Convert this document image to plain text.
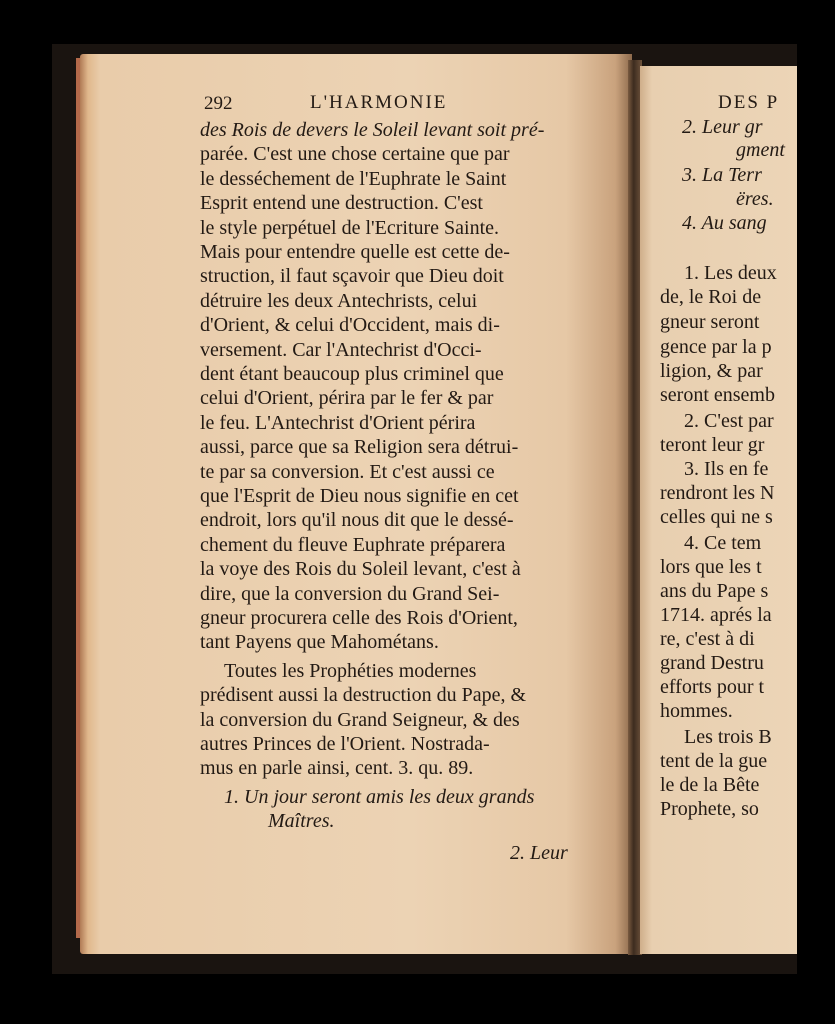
292	L'HARMONIE
des Rois de devers le Soleil levant soit pré-
parée. C'est une chose certaine que par
le desséchement de l'Euphrate le Saint
Esprit entend une destruction. C'est
le style perpétuel de l'Ecriture Sainte.
Mais pour entendre quelle est cette de-
struction, il faut sçavoir que Dieu doit
détruire les deux Antechrists, celui
d'Orient, & celui d'Occident, mais di-
versement. Car l'Antechrist d'Occi-
dent étant beaucoup plus criminel que
celui d'Orient, périra par le fer & par
le feu. L'Antechrist d'Orient périra
aussi, parce que sa Religion sera détrui-
te par sa conversion. Et c'est aussi ce
que l'Esprit de Dieu nous signifie en cet
endroit, lors qu'il nous dit que le dessé-
chement du fleuve Euphrate préparera
la voye des Rois du Soleil levant, c'est à
dire, que la conversion du Grand Sei-
gneur procurera celle des Rois d'Orient,
tant Payens que Mahométans.
Toutes les Prophéties modernes
prédisent aussi la destruction du Pape, &
la conversion du Grand Seigneur, & des
autres Princes de l'Orient. Nostrada-
mus en parle ainsi, cent. 3. qu. 89.
1. Un jour seront amis les deux grands
Maîtres.
2. Leur
DES P
2. Leur gr
gment
3. La Terr
ëres.
4. Au sang
1. Les deux
de, le Roi de
gneur seront
gence par la p
ligion, & par
seront ensemb
2. C'est par
teront leur gr
3. Ils en fe
rendront les N
celles qui ne s
4. Ce tem
lors que les t
ans du Pape s
1714. aprés la
re, c'est à di
grand Destru
efforts pour t
hommes.
Les trois B
tent de la gue
le de la Bête
Prophete, so
